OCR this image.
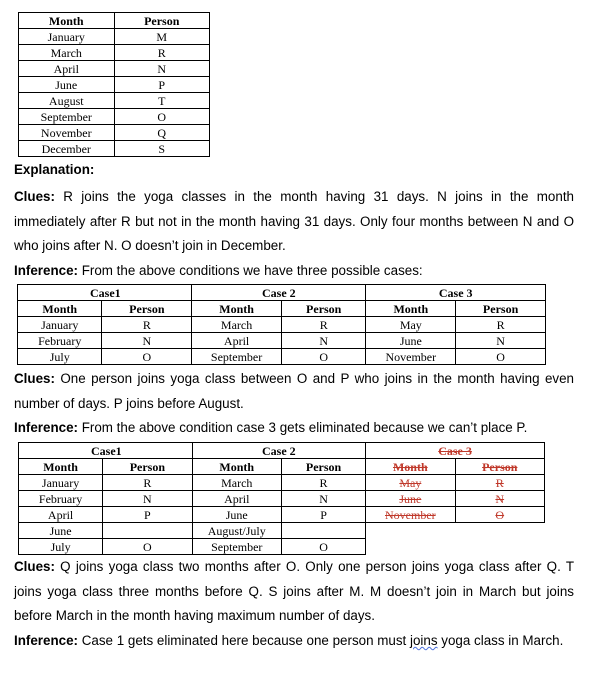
Month	Person
January	M
March	R
April	N
June	P
August	T
September	O
November	Q
December	S
Explanation:
Clues: R joins the yoga classes in the month having 31 days. N joins in the month immediately after R but not in the month having 31 days. Only four months between N and O who joins after N. O doesn’t join in December.
Inference: From the above conditions we have three possible cases:
Case1		Case 2		Case 3	
Month	Person	Month	Person	Month	Person
January	R	March	R	May	R
February	N	April	N	June	N
July	O	September	O	November	O
Clues: One person joins yoga class between O and P who joins in the month having even number of days. P joins before August.
Inference: From the above condition case 3 gets eliminated because we can’t place P.
Case1		Case 2		Case 3	
Month	Person	Month	Person	Month	Person
January	R	March	R	May	R
February	N	April	N	June	N
April	P	June	P	November	O
June		August/July			
July	O	September	O		
Clues: Q joins yoga class two months after O. Only one person joins yoga class after Q. T joins yoga class three months before Q. S joins after M. M doesn’t join in March but joins before March in the month having maximum number of days.
Inference: Case 1 gets eliminated here because one person must joins yoga class in March.
